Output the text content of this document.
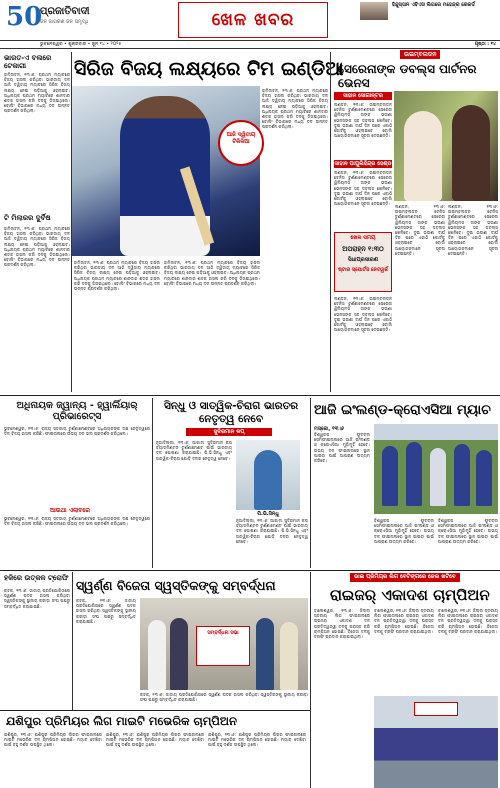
50
ପ୍ରଜାତିବାଦୀ
ଜନ ଜାଗରଣ ଜନ ସମୃଦ୍ଧି	ଖେଳ ଖବର
ହିନ୍ଦୁସ୍ତାନ ଏବିଏସ ଲିଗରେ ମହେନ୍ଦ୍ର ରେକର୍ଡ
ଭୁବନେଶ୍ୱର • ଶୁକ୍ରବାର • ଜୁନ ୧୪ • ୨୦୨୫	ପୃଷ୍ଠା : ୧୪
ଭାରତ-ଏ ବଲରେ ଟେକାଗୀ
ହାମିଲଟନ, ୧୩।୬: ପ୍ରଥମ ମ୍ୟାଚରେ ବିଜୟ ହାସଲ କରିଥିବା ଭାରତୀୟ ଦଳ ଆଜି ଦ୍ୱିତୀୟ ମ୍ୟାଚରେ ସିରିଜ ବିଜୟ ଲକ୍ଷ୍ୟ ନେଇ ପଡ଼ିଆକୁ ଓହ୍ଲାଇବ। ଅଧିନାୟକ ପ୍ରଥମ ମ୍ୟାଚରେ ଶାନଦାର ଶତକ ହାସଲ କରି ଦଳକୁ ଜିତାଇଥିଲେ। ବୋଲିଂ ବିଭାଗରେ ମଧ୍ୟ ଦଳ ଉନ୍ନତ ପ୍ରଦର୍ଶନ କରିଥିଲା।
ଟି ମିଲାରର ଦୁର୍ବିଷ
ହାମିଲଟନ, ୧୩।୬: ପ୍ରଥମ ମ୍ୟାଚରେ ବିଜୟ ହାସଲ କରିଥିବା ଭାରତୀୟ ଦଳ ଆଜି ଦ୍ୱିତୀୟ ମ୍ୟାଚରେ ସିରିଜ ବିଜୟ ଲକ୍ଷ୍ୟ ନେଇ ପଡ଼ିଆକୁ ଓହ୍ଲାଇବ। ଅଧିନାୟକ ପ୍ରଥମ ମ୍ୟାଚରେ ଶାନଦାର ଶତକ ହାସଲ କରି ଦଳକୁ ଜିତାଇଥିଲେ। ବୋଲିଂ ବିଭାଗରେ ମଧ୍ୟ ଦଳ ଉନ୍ନତ ପ୍ରଦର୍ଶନ କରିଥିଲା।
ସିରିଜ ବିଜୟ ଲକ୍ଷ୍ୟରେ ଟିମ ଇଣ୍ଡିଆ
ଆଜି ଦ୍ୱିତୀୟ ଟିକିକିଆ
ହାମିଲଟନ, ୧୩।୬: ପ୍ରଥମ ମ୍ୟାଚରେ ବିଜୟ ହାସଲ କରିଥିବା ଭାରତୀୟ ଦଳ ଆଜି ଦ୍ୱିତୀୟ ମ୍ୟାଚରେ ସିରିଜ ବିଜୟ ଲକ୍ଷ୍ୟ ନେଇ ପଡ଼ିଆକୁ ଓହ୍ଲାଇବ। ଅଧିନାୟକ ପ୍ରଥମ ମ୍ୟାଚରେ ଶାନଦାର ଶତକ ହାସଲ କରି ଦଳକୁ ଜିତାଇଥିଲେ। ବୋଲିଂ ବିଭାଗରେ ମଧ୍ୟ ଦଳ ଉନ୍ନତ ପ୍ରଦର୍ଶନ କରିଥିଲା।
ହାମିଲଟନ, ୧୩।୬: ପ୍ରଥମ ମ୍ୟାଚରେ ବିଜୟ ହାସଲ କରିଥିବା ଭାରତୀୟ ଦଳ ଆଜି ଦ୍ୱିତୀୟ ମ୍ୟାଚରେ ସିରିଜ ବିଜୟ ଲକ୍ଷ୍ୟ ନେଇ ପଡ଼ିଆକୁ ଓହ୍ଲାଇବ। ଅଧିନାୟକ ପ୍ରଥମ ମ୍ୟାଚରେ ଶାନଦାର ଶତକ ହାସଲ କରି ଦଳକୁ ଜିତାଇଥିଲେ। ବୋଲିଂ ବିଭାଗରେ ମଧ୍ୟ ଦଳ ଉନ୍ନତ ପ୍ରଦର୍ଶନ କରିଥିଲା।
ହାମିଲଟନ, ୧୩।୬: ପ୍ରଥମ ମ୍ୟାଚରେ ବିଜୟ ହାସଲ କରିଥିବା ଭାରତୀୟ ଦଳ ଆଜି ଦ୍ୱିତୀୟ ମ୍ୟାଚରେ ସିରିଜ ବିଜୟ ଲକ୍ଷ୍ୟ ନେଇ ପଡ଼ିଆକୁ ଓହ୍ଲାଇବ। ଅଧିନାୟକ ପ୍ରଥମ ମ୍ୟାଚରେ ଶାନଦାର ଶତକ ହାସଲ କରି ଦଳକୁ ଜିତାଇଥିଲେ। ବୋଲିଂ ବିଭାଗରେ ମଧ୍ୟ ଦଳ ଉନ୍ନତ ପ୍ରଦର୍ଶନ କରିଥିଲା।
ଉଇମ୍ବଲଡନ
ସେରେନାଙ୍କ ଡବଲ୍ସ ପାର୍ଟନର ଭେନସ
ସାହାନ ସୋଗାନ୍ଟର
ଲଣ୍ଡନ, ୧୩।୬: ଉଇମ୍ବଲଡନ ଟେନିସ ଟୁର୍ଣ୍ଣାମେଣ୍ଟରେ ସେରେନା ୱିଲିୟମସ ତାଙ୍କ ଭଉଣୀ ଭେନସଙ୍କ ସହ ଡବଲ୍ସ ଖେଳିବେ। ଦୁଇ ଭଉଣୀ ଦୀର୍ଘ ଦିନ ପରେ ଏକାଠି କୋର୍ଟକୁ ଓହ୍ଲାଇବେ ବୋଲି ଆୟୋଜକମାନେ ସୂଚନା ଦେଇଛନ୍ତି।
ସାହାନ ପାପୁଲିହିନ୍ଦ୍ର ହେଣ୍ଡ
ଲଣ୍ଡନ, ୧୩।୬: ଉଇମ୍ବଲଡନ ଟେନିସ ଟୁର୍ଣ୍ଣାମେଣ୍ଟରେ ସେରେନା ୱିଲିୟମସ ତାଙ୍କ ଭଉଣୀ ଭେନସଙ୍କ ସହ ଡବଲ୍ସ ଖେଳିବେ। ଦୁଇ ଭଉଣୀ ଦୀର୍ଘ ଦିନ ପରେ ଏକାଠି କୋର୍ଟକୁ ଓହ୍ଲାଇବେ ବୋଲି ଆୟୋଜକମାନେ ସୂଚନା ଦେଇଛନ୍ତି।
ଖେଳ ସମୟ
ଅପରାହ୍ନ ୧:୩୦
ସିଧାପ୍ରସାରଣ
ଷ୍ଟାର ସ୍ପୋର୍ଟସ ନେଟୱର୍କ
ଲଣ୍ଡନ, ୧୩।୬: ଉଇମ୍ବଲଡନ ଟେନିସ ଟୁର୍ଣ୍ଣାମେଣ୍ଟରେ ସେରେନା ୱିଲିୟମସ ତାଙ୍କ ଭଉଣୀ ଭେନସଙ୍କ ସହ ଡବଲ୍ସ ଖେଳିବେ। ଦୁଇ ଭଉଣୀ ଦୀର୍ଘ ଦିନ ପରେ ଏକାଠି କୋର୍ଟକୁ ଓହ୍ଲାଇବେ ବୋଲି ଆୟୋଜକମାନେ ସୂଚନା ଦେଇଛନ୍ତି।
ଲଣ୍ଡନ, ୧୩।୬: ଉଇମ୍ବଲଡନ ଟେନିସ ଟୁର୍ଣ୍ଣାମେଣ୍ଟରେ ସେରେନା ୱିଲିୟମସ ତାଙ୍କ ଭଉଣୀ ଭେନସଙ୍କ ସହ ଡବଲ୍ସ ଖେଳିବେ। ଦୁଇ ଭଉଣୀ ଦୀର୍ଘ ଦିନ ପରେ ଏକାଠି କୋର୍ଟକୁ ଓହ୍ଲାଇବେ ବୋଲି ଆୟୋଜକମାନେ ସୂଚନା ଦେଇଛନ୍ତି।
ଲଣ୍ଡନ, ୧୩।୬: ଉଇମ୍ବଲଡନ ଟେନିସ ଟୁର୍ଣ୍ଣାମେଣ୍ଟରେ ସେରେନା ୱିଲିୟମସ ତାଙ୍କ ଭଉଣୀ ଭେନସଙ୍କ ସହ ଡବଲ୍ସ ଖେଳିବେ। ଦୁଇ ଭଉଣୀ ଦୀର୍ଘ ଦିନ ପରେ ଏକାଠି କୋର୍ଟକୁ ଓହ୍ଲାଇବେ ବୋଲି ଆୟୋଜକମାନେ ସୂଚନା ଦେଇଛନ୍ତି।
ଅଧିନାୟକ ଜ୍ୱାନ୍ୟ - ହ୍ୱାର୍ଲିୟାର୍ ପ୍ରିଭାରେଟ୍ସ
ଭୁବନେଶ୍ୱର, ୧୩।୬: ରାଜ୍ୟ ସ୍ତରୀୟ ଟୁର୍ଣ୍ଣାମେଣ୍ଟରେ ଅଧିନାୟକଙ୍କ ଦକ୍ଷ ନେତୃତ୍ୱରେ ଦଳ ବିଜୟ ହାସଲ କରିଛି। ଫାଇନାଲରେ ଉଭୟ ଦଳ ଭଲ ପ୍ରଦର୍ଶନ କରିଥିଲେ।
ଆଉଥା ଏଲାବରେ
ଭୁବନେଶ୍ୱର, ୧୩।୬: ରାଜ୍ୟ ସ୍ତରୀୟ ଟୁର୍ଣ୍ଣାମେଣ୍ଟରେ ଅଧିନାୟକଙ୍କ ଦକ୍ଷ ନେତୃତ୍ୱରେ ଦଳ ବିଜୟ ହାସଲ କରିଛି। ଫାଇନାଲରେ ଉଭୟ ଦଳ ଭଲ ପ୍ରଦର୍ଶନ କରିଥିଲେ।
ସିନ୍ଧୁ ଓ ସାତ୍ୱିକ-ଚିରାଗ ଭାରତର ନେତୃତ୍ୱ ନେବେ
ସୁଦିରମାନ କପ୍
ନୂଆଦିଲ୍ଲୀ, ୧୩।୬: ଆଗାମୀ ସୁଦିରମାନ କପ୍ ବ୍ୟାଡମିଣ୍ଟନ ଟୁର୍ଣ୍ଣାମେଣ୍ଟ ପାଇଁ ଭାରତୀୟ ଦଳ ଘୋଷଣା କରାଯାଇଛି। ପି.ଭି.ସିନ୍ଧୁ ଏବଂ ସାତ୍ୱିକ-ଚିରାଗ ଯୋଡ଼ି ଦଳର ନେତୃତ୍ୱ ନେବେ।
ପି.ଭି.ସିନ୍ଧୁ
ନୂଆଦିଲ୍ଲୀ, ୧୩।୬: ଆଗାମୀ ସୁଦିରମାନ କପ୍ ବ୍ୟାଡମିଣ୍ଟନ ଟୁର୍ଣ୍ଣାମେଣ୍ଟ ପାଇଁ ଭାରତୀୟ ଦଳ ଘୋଷଣା କରାଯାଇଛି। ପି.ଭି.ସିନ୍ଧୁ ଏବଂ ସାତ୍ୱିକ-ଚିରାଗ ଯୋଡ଼ି ଦଳର ନେତୃତ୍ୱ ନେବେ।
ଆଜି ଇଂଲଣ୍ଡ-କ୍ରୋଏସିଆ ମ୍ୟାଚ
ମସ୍କୋ, ୧୩।୬
ବିଶ୍ୱକପ ଫୁଟବଲ ସେମିଫାଇନାଲରେ ଆଜି ଇଂଲଣ୍ଡ ଓ କ୍ରୋଏସିଆ ମୁହାଁମୁହିଁ ହେବେ। ଉଭୟ ଦଳ ଫାଇନାଲରେ ସ୍ଥାନ ପାଇବା ପାଇଁ ଆପ୍ରାଣ ଉଦ୍ୟମ କରିବେ।
ବିଶ୍ୱକପ ଫୁଟବଲ ସେମିଫାଇନାଲରେ ଆଜି ଇଂଲଣ୍ଡ ଓ କ୍ରୋଏସିଆ ମୁହାଁମୁହିଁ ହେବେ। ଉଭୟ ଦଳ ଫାଇନାଲରେ ସ୍ଥାନ ପାଇବା ପାଇଁ ଆପ୍ରାଣ ଉଦ୍ୟମ କରିବେ।
ବିଶ୍ୱକପ ଫୁଟବଲ ସେମିଫାଇନାଲରେ ଆଜି ଇଂଲଣ୍ଡ ଓ କ୍ରୋଏସିଆ ମୁହାଁମୁହିଁ ହେବେ। ଉଭୟ ଦଳ ଫାଇନାଲରେ ସ୍ଥାନ ପାଇବା ପାଇଁ ଆପ୍ରାଣ ଉଦ୍ୟମ କରିବେ।
ହକିରେ ଉତ୍କଳ ଟ୍ରୋଫି
କଟକ, ୧୩।୬: ଜାତୀୟ ପ୍ରତିଯୋଗିତାରେ ସ୍ୱର୍ଣ୍ଣ ପଦକ ହାସଲ କରିଥିବା ସ୍ୱସ୍ତିକଙ୍କୁ ସ୍ଥାନୀୟ କ୍ରୀଡ଼ା ସଂଘ ପକ୍ଷରୁ ସମ୍ବର୍ଦ୍ଧିତ କରାଯାଇଛି।
ସ୍ୱର୍ଣ୍ଣ ବିଜେତା ସ୍ୱସ୍ତିକଙ୍କୁ ସମ୍ବର୍ଦ୍ଧନା
କଟକ, ୧୩।୬: ଜାତୀୟ ପ୍ରତିଯୋଗିତାରେ ସ୍ୱର୍ଣ୍ଣ ପଦକ ହାସଲ କରିଥିବା ସ୍ୱସ୍ତିକଙ୍କୁ ସ୍ଥାନୀୟ କ୍ରୀଡ଼ା ସଂଘ ପକ୍ଷରୁ ସମ୍ବର୍ଦ୍ଧିତ କରାଯାଇଛି।
ସମ୍ବର୍ଦ୍ଧନା ସଭା
କଟକ, ୧୩।୬: ଜାତୀୟ ପ୍ରତିଯୋଗିତାରେ ସ୍ୱର୍ଣ୍ଣ ପଦକ ହାସଲ କରିଥିବା ସ୍ୱସ୍ତିକଙ୍କୁ ସ୍ଥାନୀୟ କ୍ରୀଡ଼ା ସଂଘ ପକ୍ଷରୁ ସମ୍ବର୍ଦ୍ଧିତ କରାଯାଇଛି।
ଭାଇ ପ୍ରିମିୟର ଲିଗ ବେଟିଙ୍ଗରେ ଜେଲ ଖଟିବେ
ରାଇଜର୍ ଏକାଦଶ ଚାମ୍ପିଅନ
ବାଲେଶ୍ୱର, ୧୩।୬: ଜିଲ୍ଲା ସ୍ତରୀୟ ଲିଗ ଫାଇନାଲରେ ରାଇଜର୍ ଏକାଦଶ ଦଳ ପ୍ରତିଦ୍ୱନ୍ଦ୍ୱୀ ଦଳକୁ ପରାସ୍ତ କରି ଚାମ୍ପିଅନ ହୋଇଛି। ବିଜେତା ଦଳକୁ ଟ୍ରଫି ପ୍ରଦାନ କରାଯାଇଥିଲା।
ବାଲେଶ୍ୱର, ୧୩।୬: ଜିଲ୍ଲା ସ୍ତରୀୟ ଲିଗ ଫାଇନାଲରେ ରାଇଜର୍ ଏକାଦଶ ଦଳ ପ୍ରତିଦ୍ୱନ୍ଦ୍ୱୀ ଦଳକୁ ପରାସ୍ତ କରି ଚାମ୍ପିଅନ ହୋଇଛି। ବିଜେତା ଦଳକୁ ଟ୍ରଫି ପ୍ରଦାନ କରାଯାଇଥିଲା।
ବାଲେଶ୍ୱର, ୧୩।୬: ଜିଲ୍ଲା ସ୍ତରୀୟ ଲିଗ ଫାଇନାଲରେ ରାଇଜର୍ ଏକାଦଶ ଦଳ ପ୍ରତିଦ୍ୱନ୍ଦ୍ୱୀ ଦଳକୁ ପରାସ୍ତ କରି ଚାମ୍ପିଅନ ହୋଇଛି। ବିଜେତା ଦଳକୁ ଟ୍ରଫି ପ୍ରଦାନ କରାଯାଇଥିଲା।
ଯଶିପୁର ପ୍ରିମିୟର ଲିଗ ମାଇଟି ମଭେରିକ ଚାମ୍ପିଅନ
ଯଶିପୁର, ୧୩।୬: ଯଶିପୁର ପ୍ରିମିୟର ଲିଗର ଫାଇନାଲରେ ମାଇଟି ମଭେରିକ ଦଳ ଚାମ୍ପିଅନ ହୋଇଛି। ମ୍ୟାଚ ଦେଖିବା ପାଇଁ ବହୁ ଦର୍ଶକ ଉପସ୍ଥିତ ଥିଲେ।
ଯଶିପୁର, ୧୩।୬: ଯଶିପୁର ପ୍ରିମିୟର ଲିଗର ଫାଇନାଲରେ ମାଇଟି ମଭେରିକ ଦଳ ଚାମ୍ପିଅନ ହୋଇଛି। ମ୍ୟାଚ ଦେଖିବା ପାଇଁ ବହୁ ଦର୍ଶକ ଉପସ୍ଥିତ ଥିଲେ।
ଯଶିପୁର, ୧୩।୬: ଯଶିପୁର ପ୍ରିମିୟର ଲିଗର ଫାଇନାଲରେ ମାଇଟି ମଭେରିକ ଦଳ ଚାମ୍ପିଅନ ହୋଇଛି। ମ୍ୟାଚ ଦେଖିବା ପାଇଁ ବହୁ ଦର୍ଶକ ଉପସ୍ଥିତ ଥିଲେ।
